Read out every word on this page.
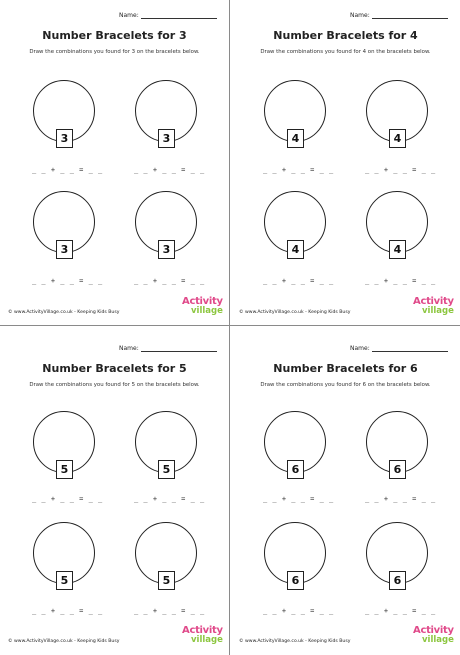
Name:
Number Bracelets for 3
Draw the combinations you found for 3 on the bracelets below.
3	3
_ _ + _ _ = _ _	_ _ + _ _ = _ _
3	3
_ _ + _ _ = _ _	_ _ + _ _ = _ _
© www.ActivityVillage.co.uk - Keeping Kids Busy
Activity
village
Name:
Number Bracelets for 4
Draw the combinations you found for 4 on the bracelets below.
4	4
_ _ + _ _ = _ _	_ _ + _ _ = _ _
4	4
_ _ + _ _ = _ _	_ _ + _ _ = _ _
© www.ActivityVillage.co.uk - Keeping Kids Busy
Activity
village
Name:
Number Bracelets for 5
Draw the combinations you found for 5 on the bracelets below.
5	5
_ _ + _ _ = _ _	_ _ + _ _ = _ _
5	5
_ _ + _ _ = _ _	_ _ + _ _ = _ _
© www.ActivityVillage.co.uk - Keeping Kids Busy
Activity
village
Name:
Number Bracelets for 6
Draw the combinations you found for 6 on the bracelets below.
6	6
_ _ + _ _ = _ _	_ _ + _ _ = _ _
6	6
_ _ + _ _ = _ _	_ _ + _ _ = _ _
© www.ActivityVillage.co.uk - Keeping Kids Busy
Activity
village
